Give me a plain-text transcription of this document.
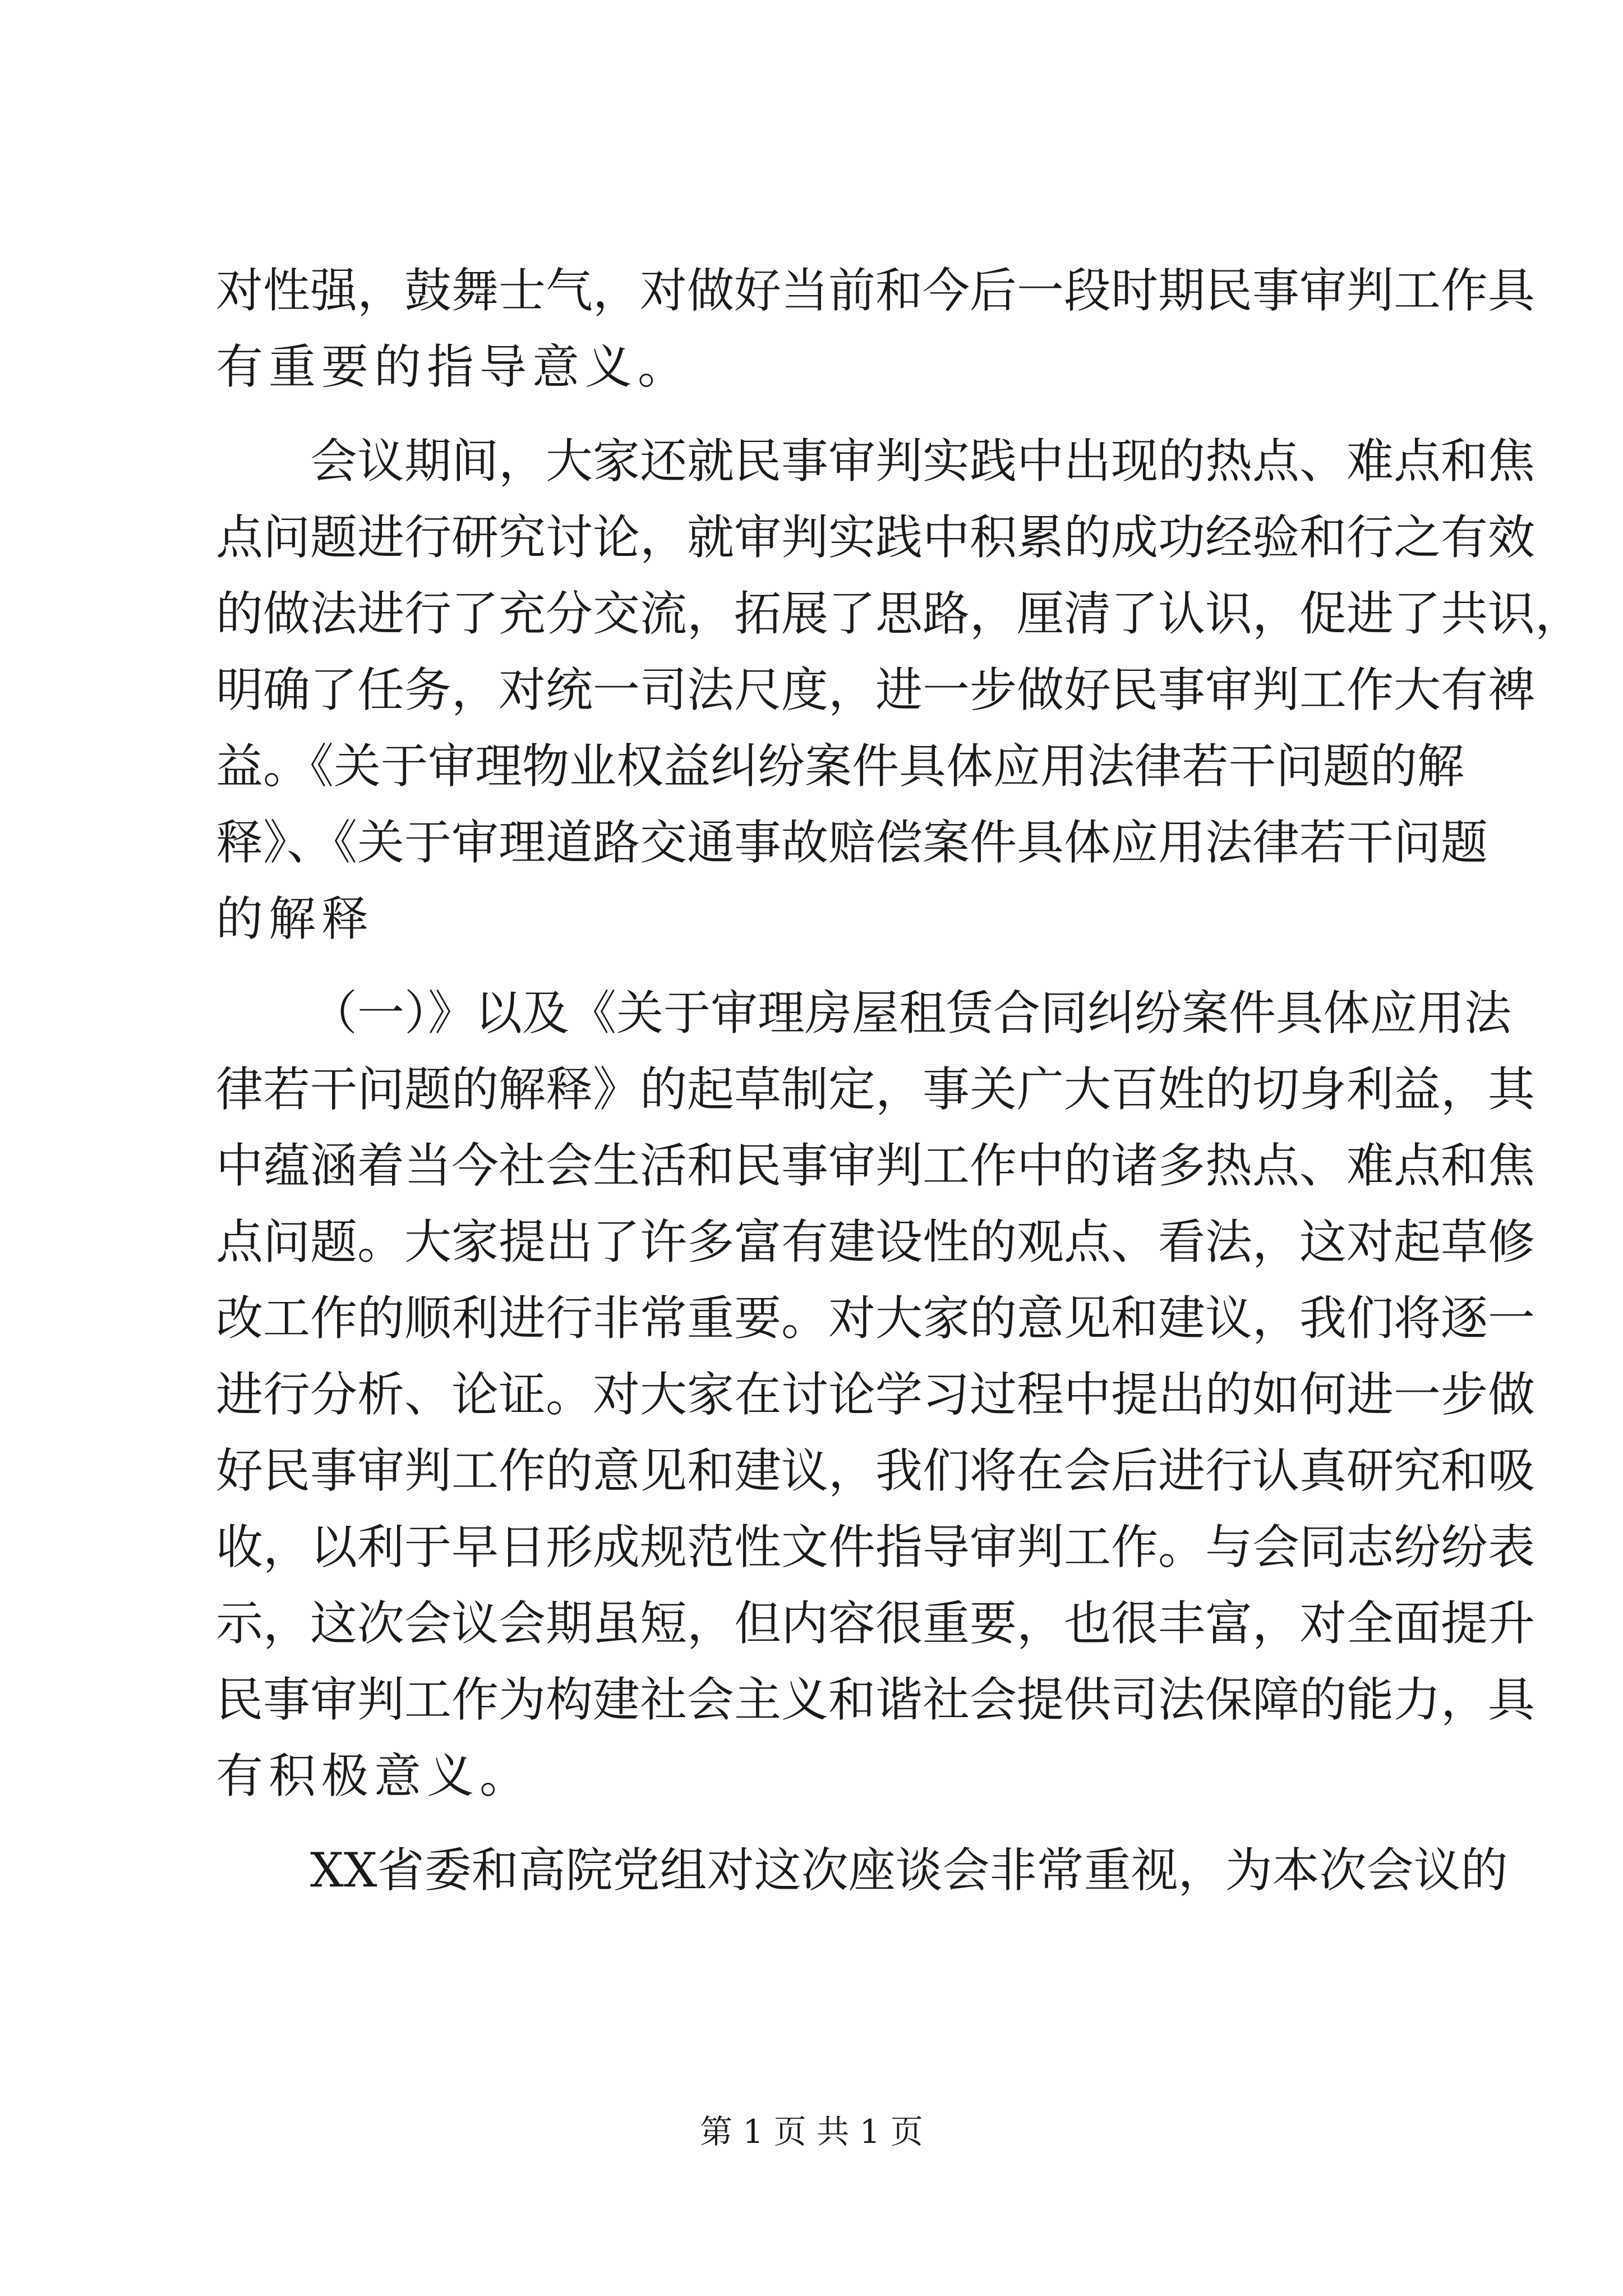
对性强，鼓舞士气，对做好当前和今后一段时期民事审判工作具
有重要的指导意义。
会议期间，大家还就民事审判实践中出现的热点、难点和焦
点问题进行研究讨论，就审判实践中积累的成功经验和行之有效
的做法进行了充分交流，拓展了思路，厘清了认识，促进了共识，
明确了任务，对统一司法尺度，进一步做好民事审判工作大有裨
益。《关于审理物业权益纠纷案件具体应用法律若干问题的解
释》、《关于审理道路交通事故赔偿案件具体应用法律若干问题
的解释
（一）》以及《关于审理房屋租赁合同纠纷案件具体应用法
律若干问题的解释》的起草制定，事关广大百姓的切身利益，其
中蕴涵着当今社会生活和民事审判工作中的诸多热点、难点和焦
点问题。大家提出了许多富有建设性的观点、看法，这对起草修
改工作的顺利进行非常重要。对大家的意见和建议，我们将逐一
进行分析、论证。对大家在讨论学习过程中提出的如何进一步做
好民事审判工作的意见和建议，我们将在会后进行认真研究和吸
收，以利于早日形成规范性文件指导审判工作。与会同志纷纷表
示，这次会议会期虽短，但内容很重要，也很丰富，对全面提升
民事审判工作为构建社会主义和谐社会提供司法保障的能力，具
有积极意义。
XX省委和高院党组对这次座谈会非常重视，为本次会议的
第 1 页 共 1 页
